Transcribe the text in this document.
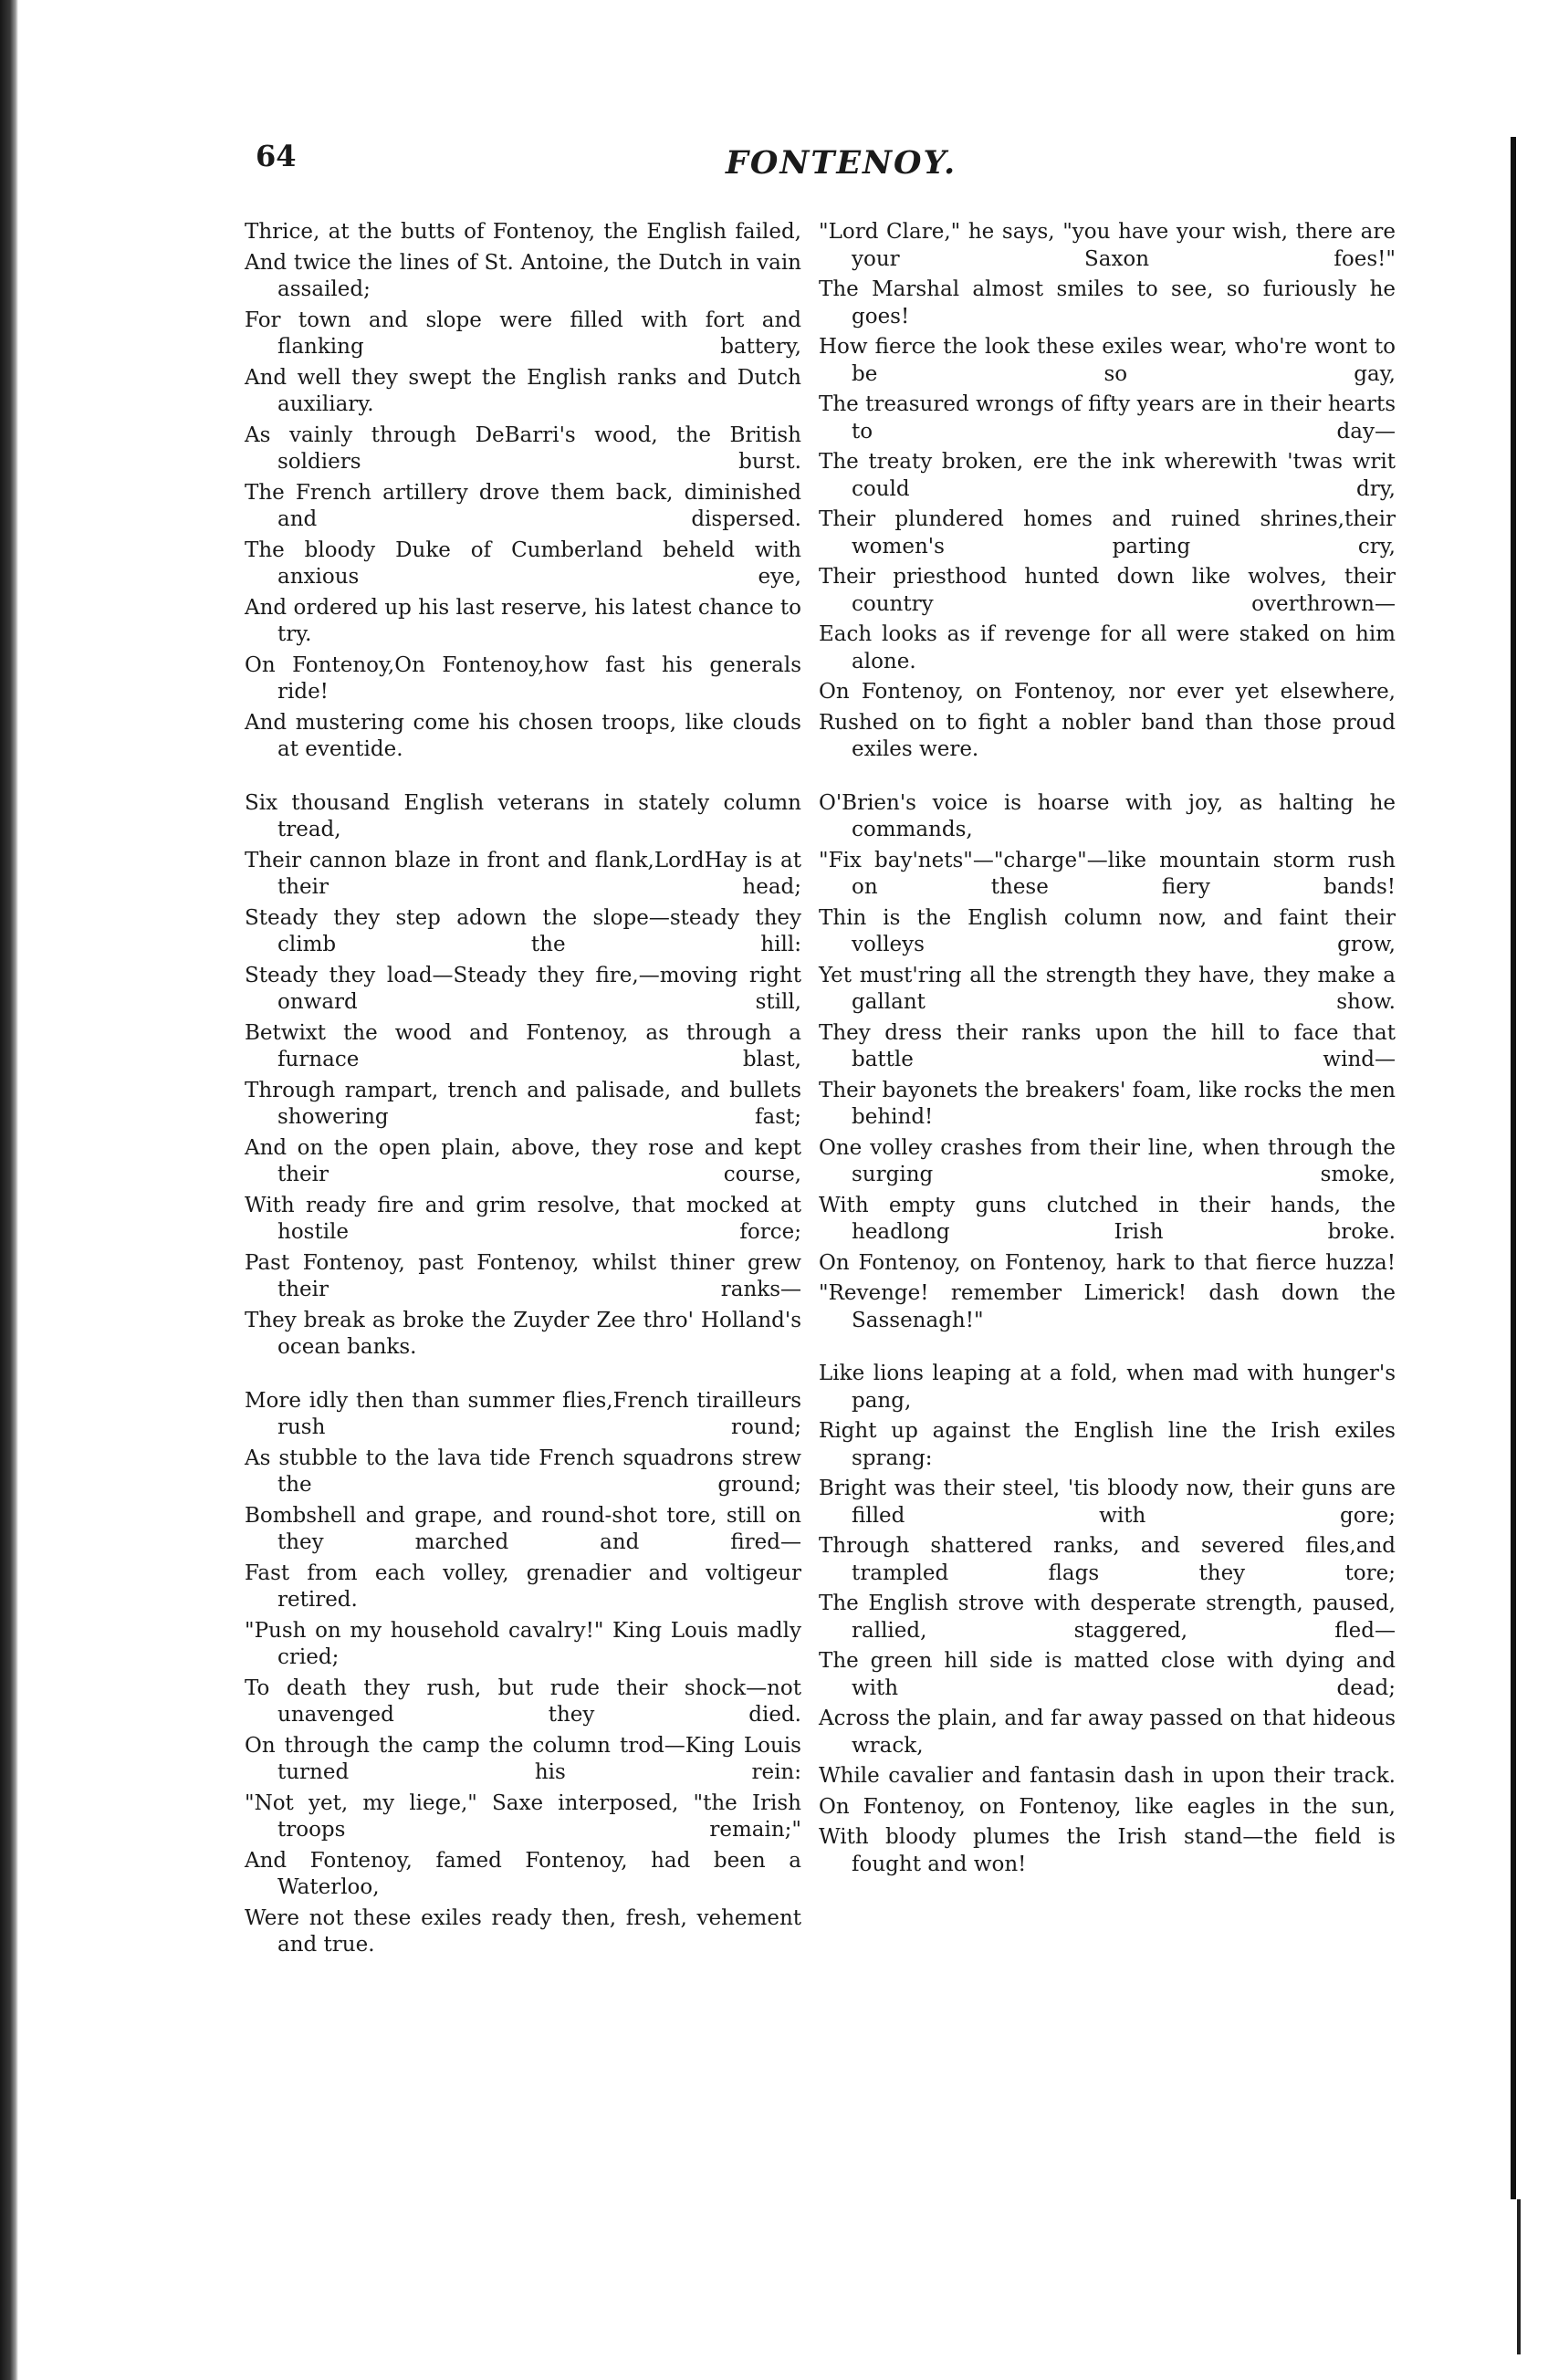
64	FONTENOY.
Thrice, at the butts of Fontenoy, the English failed,
And twice the lines of St. Antoine, the Dutch in vain assailed;
For town and slope were filled with fort and flanking battery,
And well they swept the English ranks and Dutch auxiliary.
As vainly through DeBarri's wood, the British soldiers burst.
The French artillery drove them back, diminished and dispersed.
The bloody Duke of Cumberland beheld with anxious eye,
And ordered up his last reserve, his latest chance to try.
On Fontenoy,On Fontenoy,how fast his generals ride!
And mustering come his chosen troops, like clouds at eventide.
Six thousand English veterans in stately column tread,
Their cannon blaze in front and flank,LordHay is at their head;
Steady they step adown the slope—steady they climb the hill:
Steady they load—Steady they fire,—moving right onward still,
Betwixt the wood and Fontenoy, as through a furnace blast,
Through rampart, trench and palisade, and bullets showering fast;
And on the open plain, above, they rose and kept their course,
With ready fire and grim resolve, that mocked at hostile force;
Past Fontenoy, past Fontenoy, whilst thiner grew their ranks—
They break as broke the Zuyder Zee thro' Holland's ocean banks.
More idly then than summer flies,French tirailleurs rush round;
As stubble to the lava tide French squadrons strew the ground;
Bombshell and grape, and round-shot tore, still on they marched and fired—
Fast from each volley, grenadier and voltigeur retired.
"Push on my household cavalry!" King Louis madly cried;
To death they rush, but rude their shock—not unavenged they died.
On through the camp the column trod—King Louis turned his rein:
"Not yet, my liege," Saxe interposed, "the Irish troops remain;"
And Fontenoy, famed Fontenoy, had been a Waterloo,
Were not these exiles ready then, fresh, vehement and true.
"Lord Clare," he says, "you have your wish, there are your Saxon foes!"
The Marshal almost smiles to see, so furiously he goes!
How fierce the look these exiles wear, who're wont to be so gay,
The treasured wrongs of fifty years are in their hearts to day—
The treaty broken, ere the ink wherewith 'twas writ could dry,
Their plundered homes and ruined shrines,their women's parting cry,
Their priesthood hunted down like wolves, their country overthrown—
Each looks as if revenge for all were staked on him alone.
On Fontenoy, on Fontenoy, nor ever yet elsewhere,
Rushed on to fight a nobler band than those proud exiles were.
O'Brien's voice is hoarse with joy, as halting he commands,
"Fix bay'nets"—"charge"—like mountain storm rush on these fiery bands!
Thin is the English column now, and faint their volleys grow,
Yet must'ring all the strength they have, they make a gallant show.
They dress their ranks upon the hill to face that battle wind—
Their bayonets the breakers' foam, like rocks the men behind!
One volley crashes from their line, when through the surging smoke,
With empty guns clutched in their hands, the headlong Irish broke.
On Fontenoy, on Fontenoy, hark to that fierce huzza!
"Revenge! remember Limerick! dash down the Sassenagh!"
Like lions leaping at a fold, when mad with hunger's pang,
Right up against the English line the Irish exiles sprang:
Bright was their steel, 'tis bloody now, their guns are filled with gore;
Through shattered ranks, and severed files,and trampled flags they tore;
The English strove with desperate strength, paused, rallied, staggered, fled—
The green hill side is matted close with dying and with dead;
Across the plain, and far away passed on that hideous wrack,
While cavalier and fantasin dash in upon their track.
On Fontenoy, on Fontenoy, like eagles in the sun,
With bloody plumes the Irish stand—the field is fought and won!
